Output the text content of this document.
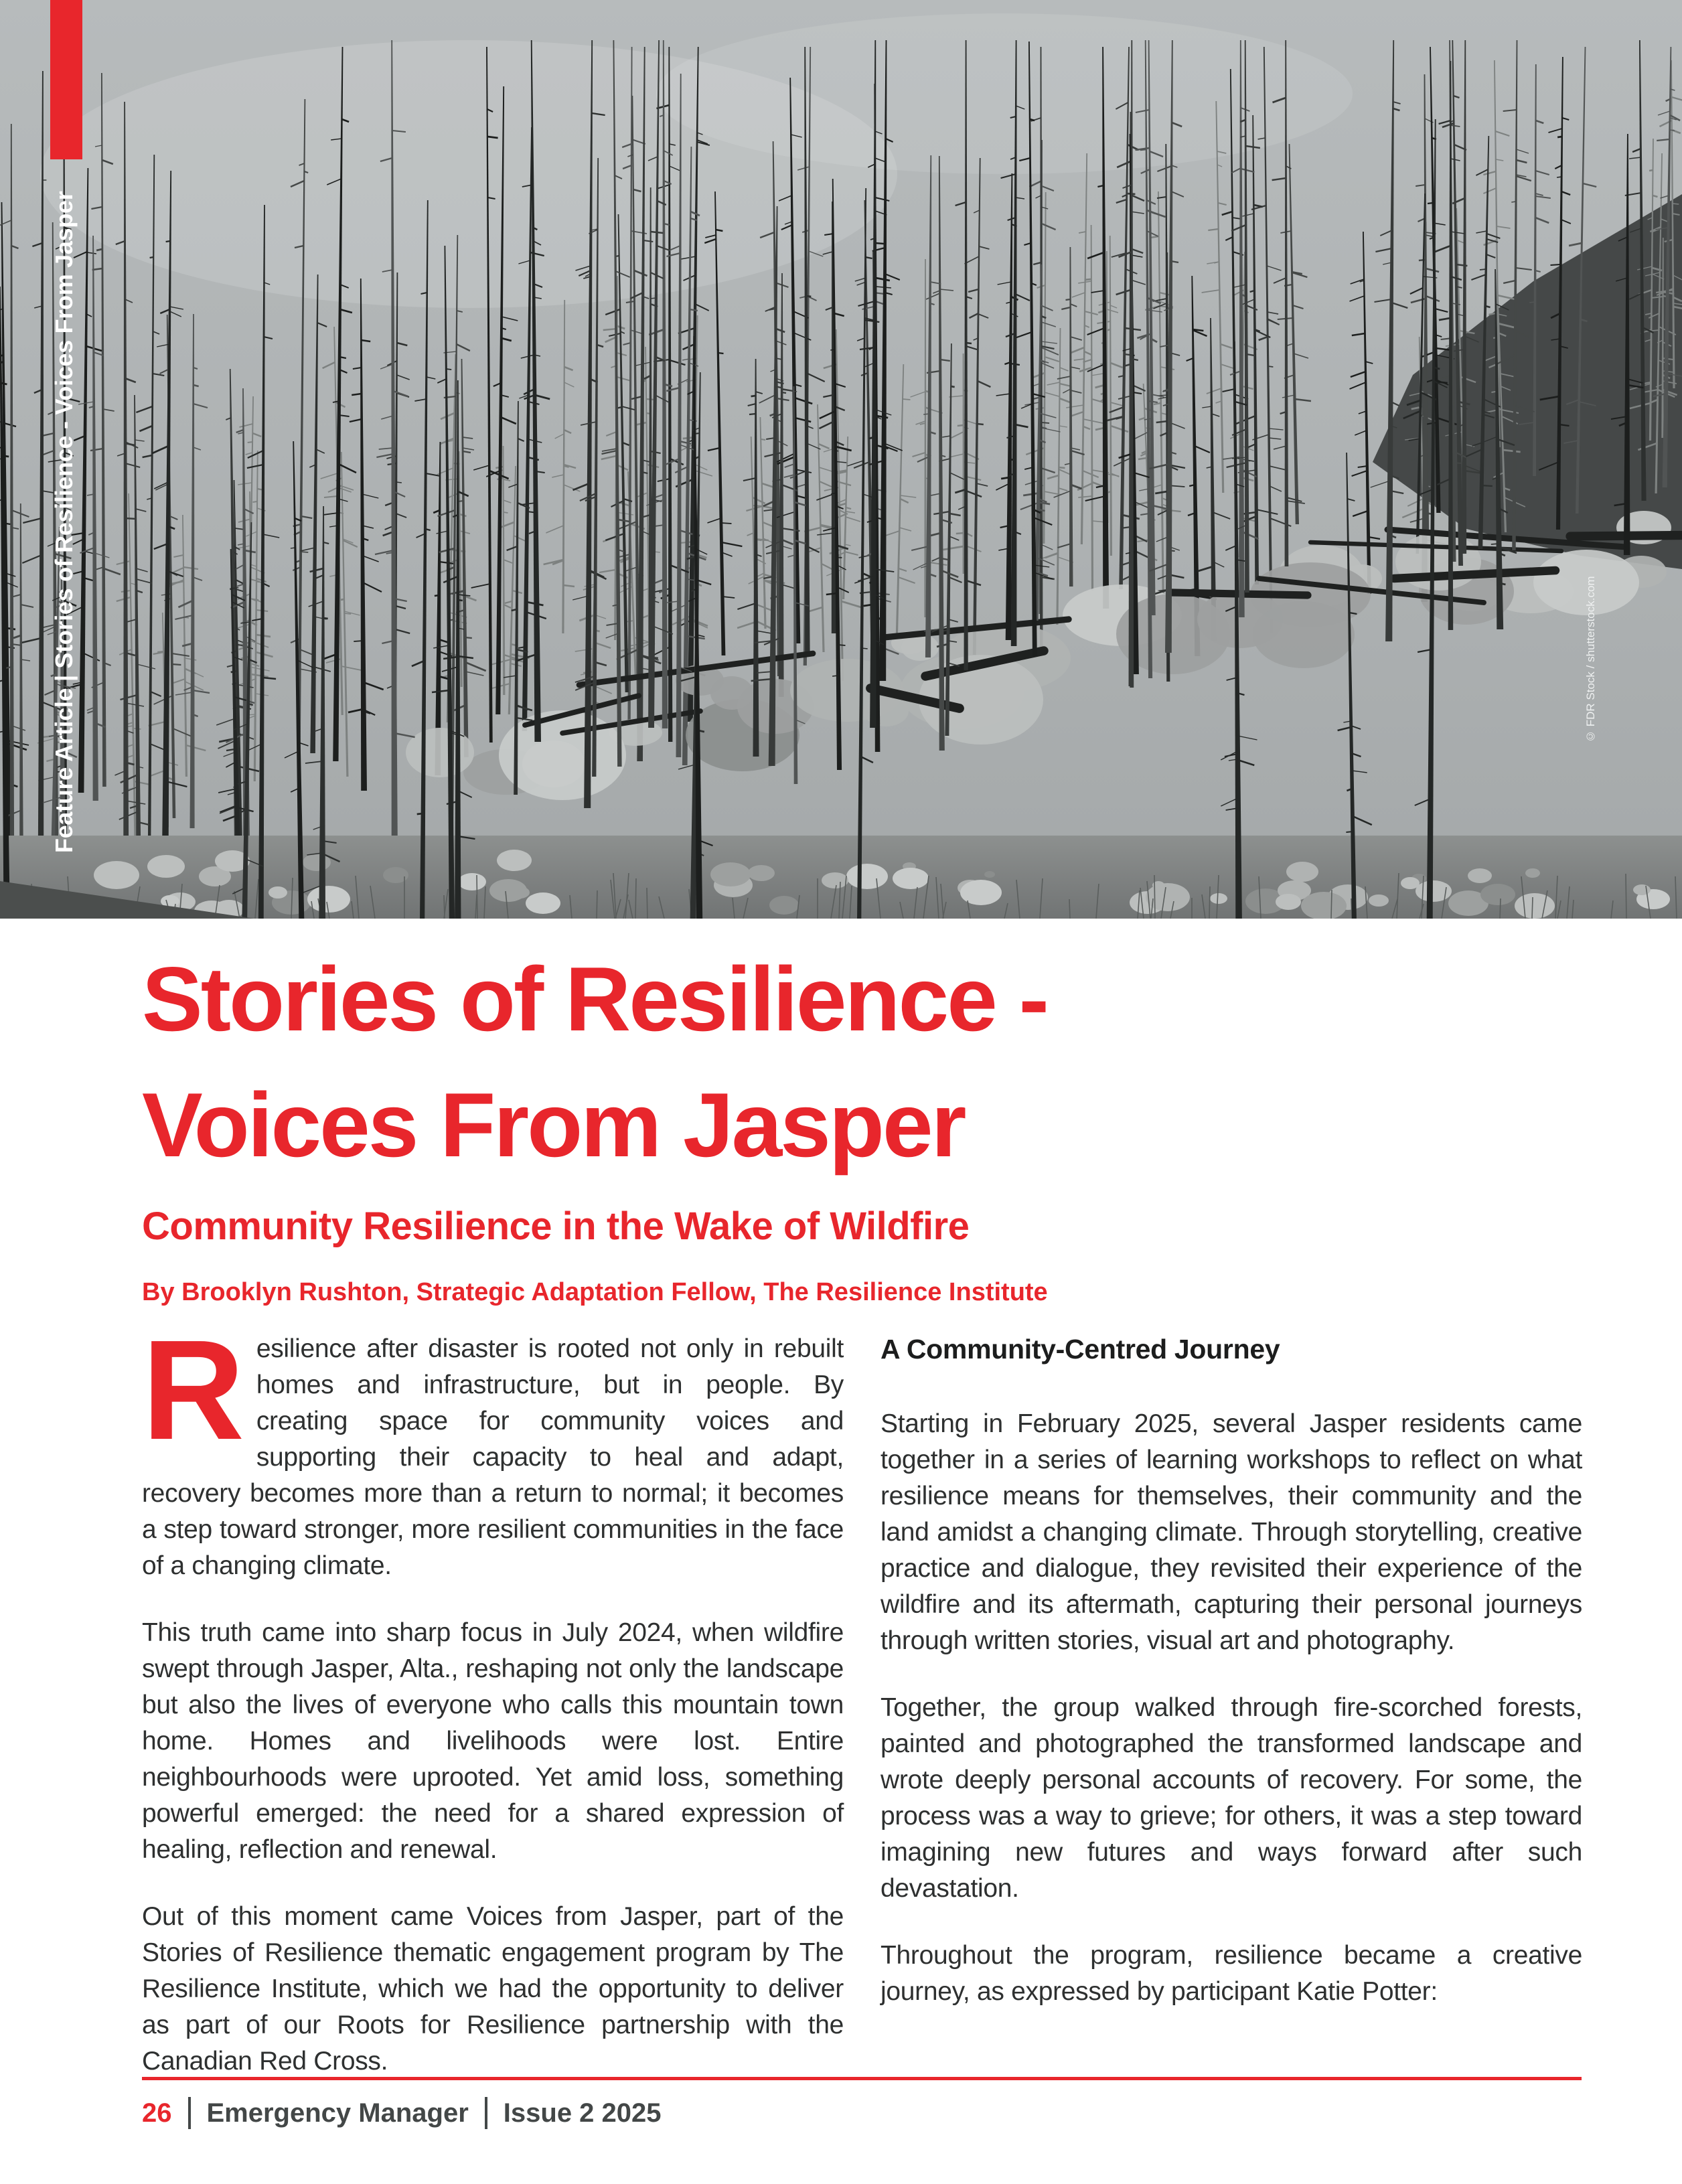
Feature Article | Stories of Resilience - Voices From Jasper	© FDR Stock / shutterstock.com
Stories of Resilience -
Voices From Jasper
Community Resilience in the Wake of Wildfire
By Brooklyn Rushton, Strategic Adaptation Fellow, The Resilience Institute

Resilience after disaster is rooted not only in rebuilt homes and infrastructure, but in people. By creating space for community voices and supporting their capacity to heal and adapt, recovery becomes more than a return to normal; it becomes a step toward stronger, more resilient communities in the face of a changing climate.

This truth came into sharp focus in July 2024, when wildfire swept through Jasper, Alta., reshaping not only the landscape but also the lives of everyone who calls this mountain town home. Homes and livelihoods were lost. Entire neighbourhoods were uprooted. Yet amid loss, something powerful emerged: the need for a shared expression of healing, reflection and renewal.

Out of this moment came Voices from Jasper, part of the Stories of Resilience thematic engagement program by The Resilience Institute, which we had the opportunity to deliver as part of our Roots for Resilience partnership with the Canadian Red Cross.

A Community-Centred Journey

Starting in February 2025, several Jasper residents came together in a series of learning workshops to reflect on what resilience means for themselves, their community and the land amidst a changing climate. Through storytelling, creative practice and dialogue, they revisited their experience of the wildfire and its aftermath, capturing their personal journeys through written stories, visual art and photography.

Together, the group walked through fire-scorched forests, painted and photographed the transformed landscape and wrote deeply personal accounts of recovery. For some, the process was a way to grieve; for others, it was a step toward imagining new futures and ways forward after such devastation.

Throughout the program, resilience became a creative journey, as expressed by participant Katie Potter:

26 Emergency Manager Issue 2 2025
